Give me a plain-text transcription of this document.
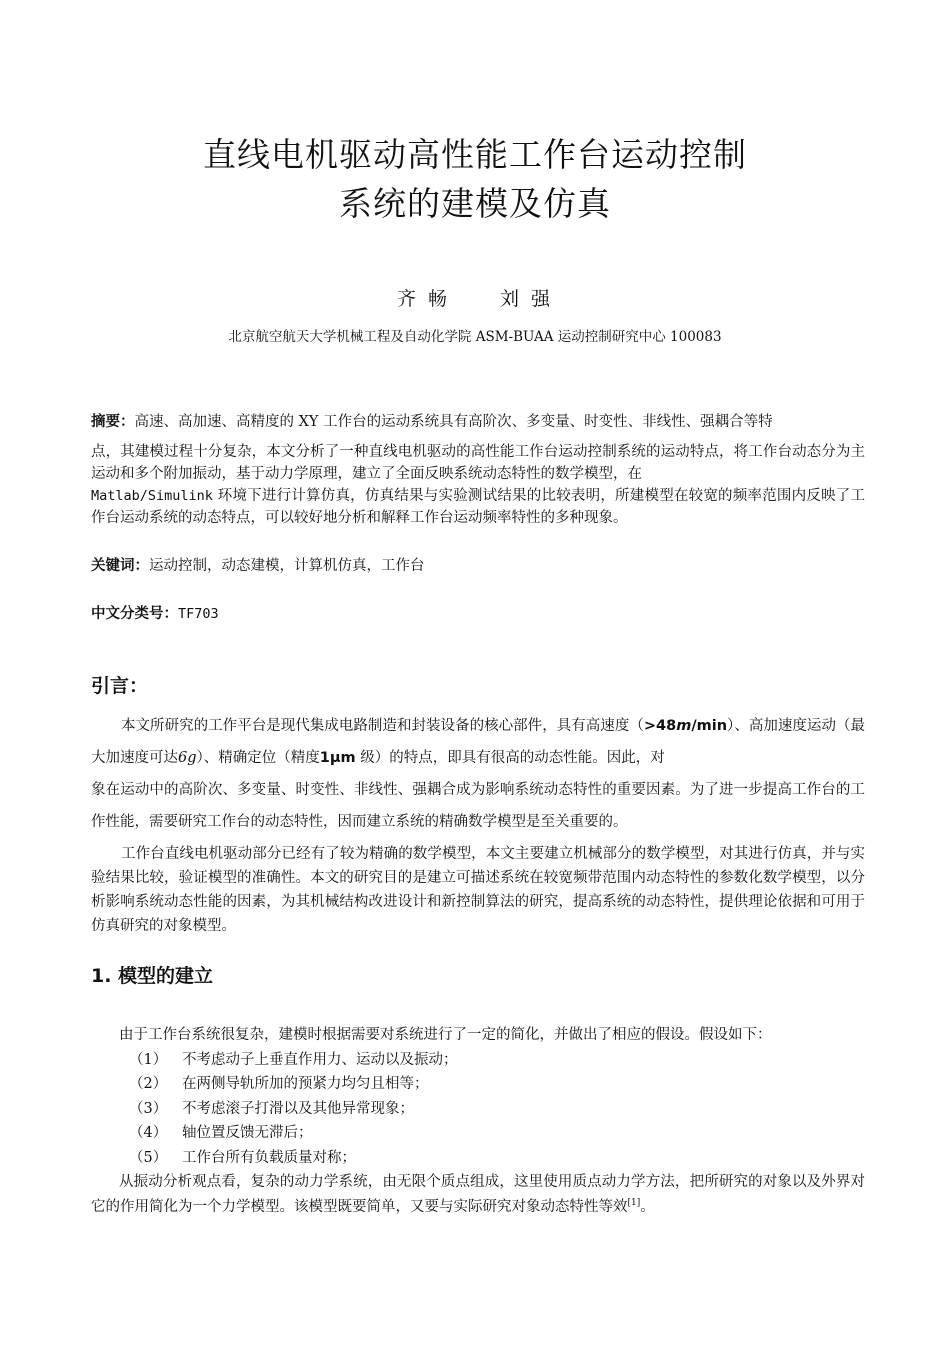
直线电机驱动高性能工作台运动控制
系统的建模及仿真
齐 畅	刘 强
北京航空航天大学机械工程及自动化学院 ASM-BUAA 运动控制研究中心 100083

摘要：高速、高加速、高精度的 XY 工作台的运动系统具有高阶次、多变量、时变性、非线性、强耦合等特

点，其建模过程十分复杂，本文分析了一种直线电机驱动的高性能工作台运动控制系统的运动特点，将工作台动态分为主运动和多个附加振动，基于动力学原理，建立了全面反映系统动态特性的数学模型，在
Matlab/Simulink 环境下进行计算仿真，仿真结果与实验测试结果的比较表明，所建模型在较宽的频率范围内反映了工作台运动系统的动态特点，可以较好地分析和解释工作台运动频率特性的多种现象。

关键词：运动控制，动态建模，计算机仿真，工作台
中文分类号：TF703
引言：

本文所研究的工作平台是现代集成电路制造和封装设备的核心部件，具有高速度（>48m/min）、高加速度运动（最大加速度可达6g）、精确定位（精度1μm 级）的特点，即具有很高的动态性能。因此，对
象在运动中的高阶次、多变量、时变性、非线性、强耦合成为影响系统动态特性的重要因素。为了进一步提高工作台的工作性能，需要研究工作台的动态特性，因而建立系统的精确数学模型是至关重要的。

工作台直线电机驱动部分已经有了较为精确的数学模型，本文主要建立机械部分的数学模型，对其进行仿真，并与实验结果比较，验证模型的准确性。本文的研究目的是建立可描述系统在较宽频带范围内动态特性的参数化数学模型，以分析影响系统动态性能的因素，为其机械结构改进设计和新控制算法的研究，提高系统的动态特性，提供理论依据和可用于仿真研究的对象模型。

1. 模型的建立

由于工作台系统很复杂，建模时根据需要对系统进行了一定的简化，并做出了相应的假设。假设如下：

（1） 不考虑动子上垂直作用力、运动以及振动；

（2） 在两侧导轨所加的预紧力均匀且相等；

（3） 不考虑滚子打滑以及其他异常现象；

（4） 轴位置反馈无滞后；

（5） 工作台所有负载质量对称；

从振动分析观点看，复杂的动力学系统，由无限个质点组成，这里使用质点动力学方法，把所研究的对象以及外界对它的作用简化为一个力学模型。该模型既要简单，又要与实际研究对象动态特性等效[1]。
